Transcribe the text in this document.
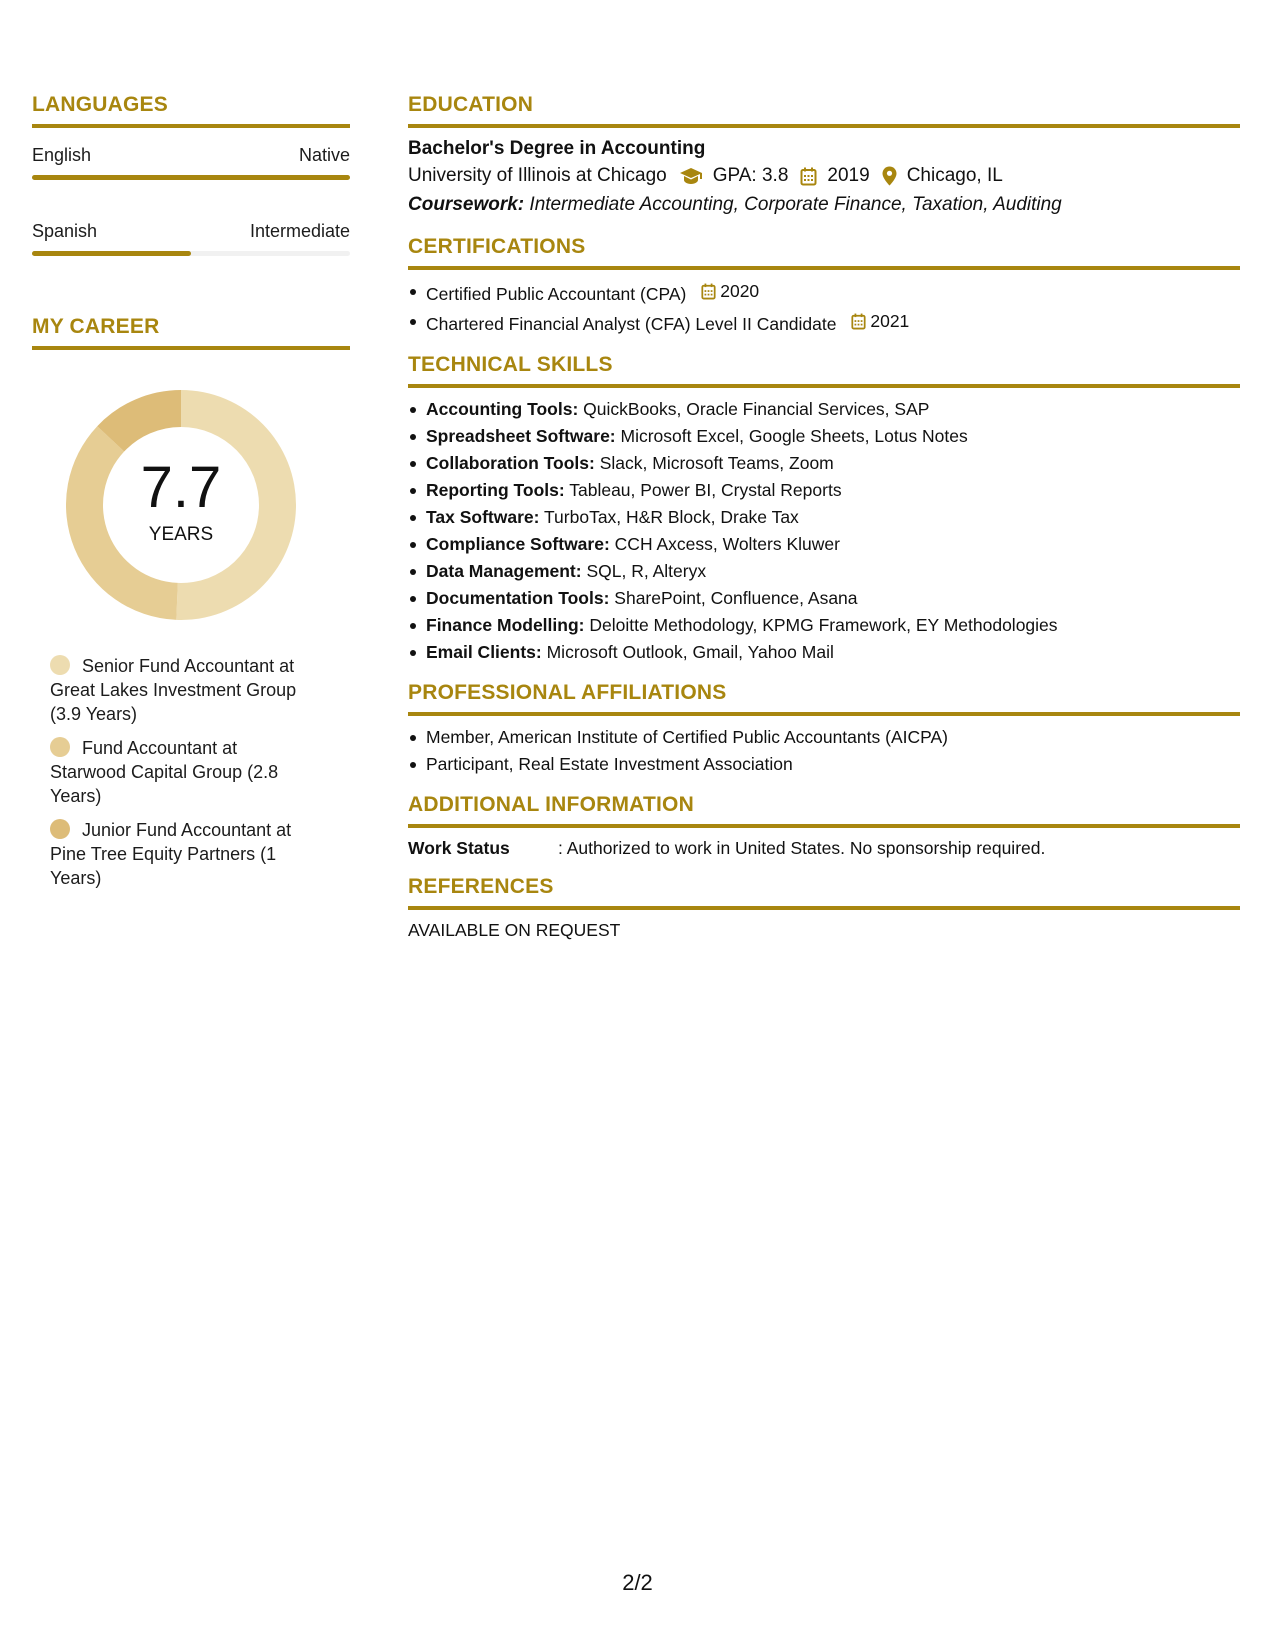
LANGUAGES
English	Native
Spanish	Intermediate
MY CAREER
7.7
YEARS
Senior Fund Accountant at Great Lakes Investment Group (3.9 Years)
Fund Accountant at Starwood Capital Group (2.8 Years)
Junior Fund Accountant at Pine Tree Equity Partners (1 Years)
EDUCATION
Bachelor's Degree in Accounting
University of Illinois at Chicago GPA: 3.8 2019 Chicago, IL
Coursework: Intermediate Accounting, Corporate Finance, Taxation, Auditing
CERTIFICATIONS
Certified Public Accountant (CPA) 2020
Chartered Financial Analyst (CFA) Level II Candidate 2021
TECHNICAL SKILLS
Accounting Tools: QuickBooks, Oracle Financial Services, SAP
Spreadsheet Software: Microsoft Excel, Google Sheets, Lotus Notes
Collaboration Tools: Slack, Microsoft Teams, Zoom
Reporting Tools: Tableau, Power BI, Crystal Reports
Tax Software: TurboTax, H&R Block, Drake Tax
Compliance Software: CCH Axcess, Wolters Kluwer
Data Management: SQL, R, Alteryx
Documentation Tools: SharePoint, Confluence, Asana
Finance Modelling: Deloitte Methodology, KPMG Framework, EY Methodologies
Email Clients: Microsoft Outlook, Gmail, Yahoo Mail
PROFESSIONAL AFFILIATIONS
Member, American Institute of Certified Public Accountants (AICPA)
Participant, Real Estate Investment Association
ADDITIONAL INFORMATION
Work Status	: Authorized to work in United States. No sponsorship required.
REFERENCES
AVAILABLE ON REQUEST
2/2
